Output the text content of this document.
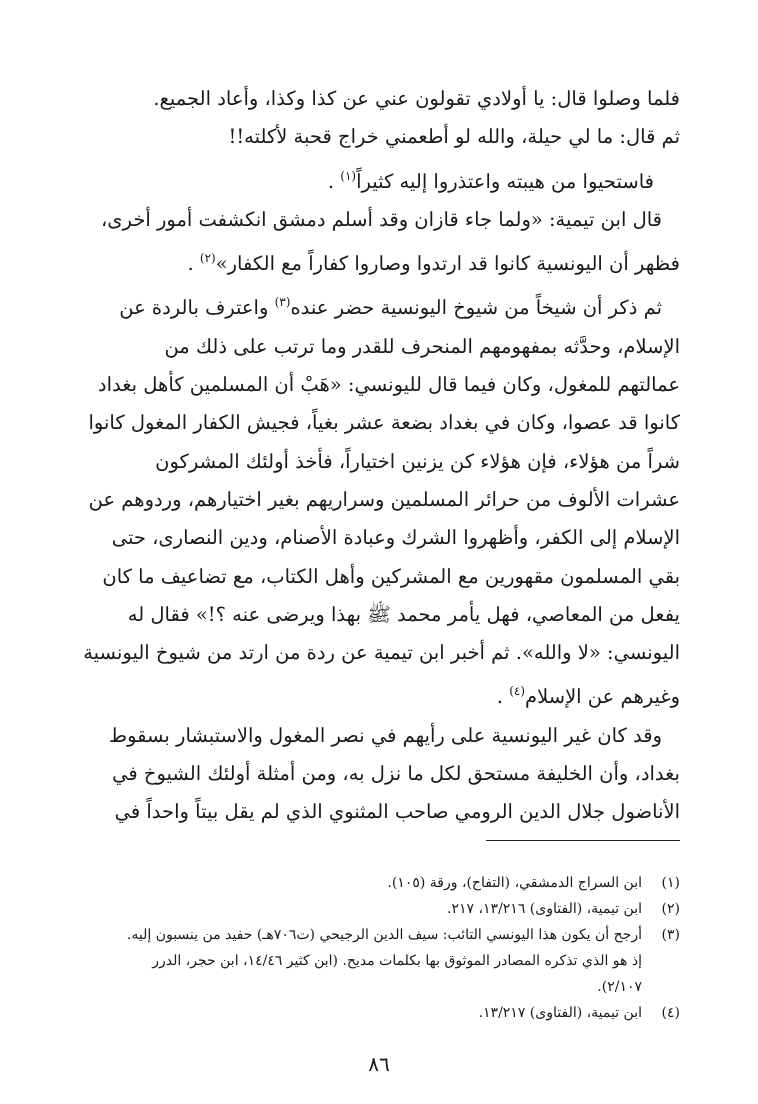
فلما وصلوا قال: يا أولادي تقولون عني عن كذا وكذا، وأعاد الجميع.
ثم قال: ما لي حيلة، والله لو أطعمني خراج قحبة لأكلته!!
فاستحيوا من هيبته واعتذروا إليه كثيراً$^{(١)}$ .
قال ابن تيمية: «ولما جاء قازان وقد أسلم دمشق انكشفت أمور أخرى،
فظهر أن اليونسية كانوا قد ارتدوا وصاروا كفاراً مع الكفار»$^{(٢)}$ .
ثم ذكر أن شيخاً من شيوخ اليونسية حضر عنده$^{(٣)}$ واعترف بالردة عن
الإسلام، وحدَّثه بمفهومهم المنحرف للقدر وما ترتب على ذلك من
عمالتهم للمغول، وكان فيما قال لليونسي: «هَبْ أن المسلمين كأهل بغداد
كانوا قد عصوا، وكان في بغداد بضعة عشر بغياً، فجيش الكفار المغول كانوا
شراً من هؤلاء، فإن هؤلاء كن يزنين اختياراً، فأخذ أولئك المشركون
عشرات الألوف من حرائر المسلمين وسراريهم بغير اختيارهم، وردوهم عن
الإسلام إلى الكفر، وأظهروا الشرك وعبادة الأصنام، ودين النصارى، حتى
بقي المسلمون مقهورين مع المشركين وأهل الكتاب، مع تضاعيف ما كان
يفعل من المعاصي، فهل يأمر محمد ﷺ بهذا ويرضى عنه ؟!» فقال له
اليونسي: «لا والله». ثم أخبر ابن تيمية عن ردة من ارتد من شيوخ اليونسية
وغيرهم عن الإسلام$^{(٤)}$ .
وقد كان غير اليونسية على رأيهم في نصر المغول والاستبشار بسقوط
بغداد، وأن الخليفة مستحق لكل ما نزل به، ومن أمثلة أولئك الشيوخ في
الأناضول جلال الدين الرومي صاحب المثنوي الذي لم يقل بيتاً واحداً في
(١)
ابن السراج الدمشقي، (التفاح)، ورقة (١٠٥).
(٢)
ابن تيمية، (الفتاوى) ١٣/٢١٦، ٢١٧.
(٣)
أرجح أن يكون هذا اليونسي التائب: سيف الدين الرجيحي (ت٧٠٦هـ) حفيد من ينسبون إليه.
إذ هو الذي تذكره المصادر الموثوق بها بكلمات مديح. (ابن كثير ١٤/٤٦، ابن حجر، الدرر
٢/١٠٧).
(٤)
ابن تيمية، (الفتاوى) ١٣/٢١٧.
٨٦
